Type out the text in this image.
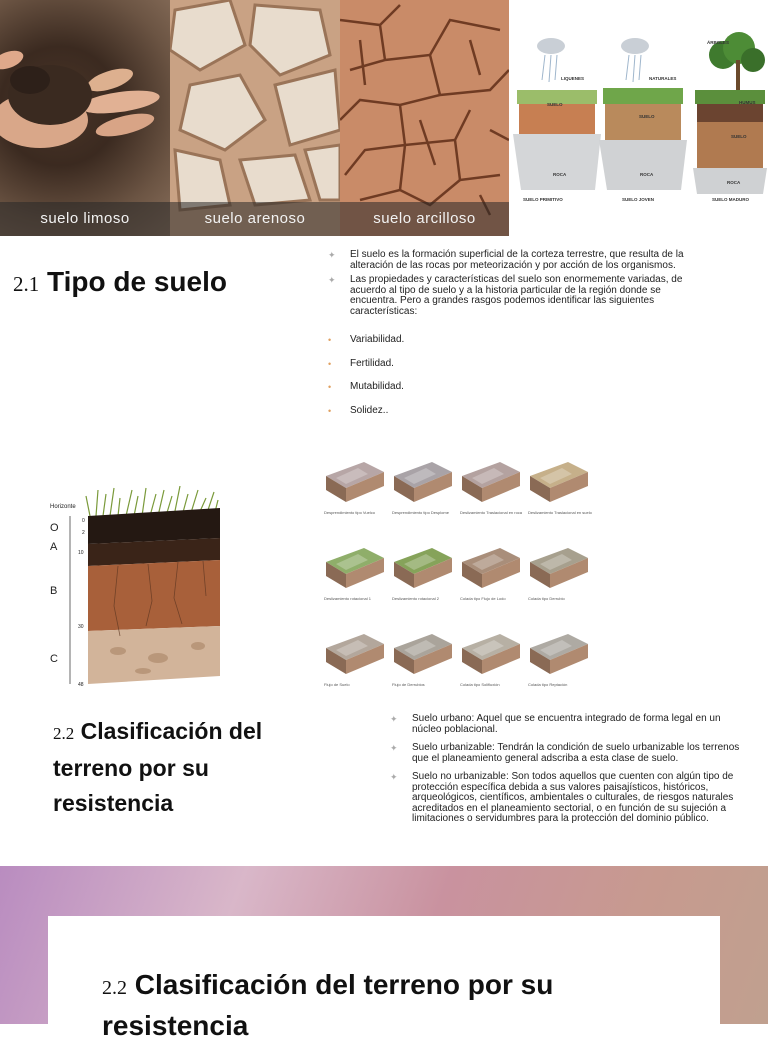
suelo limoso	suelo arenoso	suelo arcilloso
LIQUENES	NATURALES
ÁRBOLES
SUELO	HUMUS
SUELO
SUELO
ROCA	ROCA
ROCA
SUELO PRIMITIVO	SUELO JOVEN	SUELO MADURO
2.1 Tipo de suelo
✦ El suelo es la formación superficial de la corteza terrestre, que resulta de la alteración de las rocas por meteorización y por acción de los organismos.
✦ Las propiedades y características del suelo son enormemente variadas, de acuerdo al tipo de suelo y a la historia particular de la región donde se encuentra. Pero a grandes rasgos podemos identificar las siguientes características:
• Variabilidad.
• Fertilidad.
• Mutabilidad.
• Solidez..
Horizonte
O
A
B
C
0
2
10
30
48
Desprendimiento tipo Vuelco	Desprendimiento tipo Desplome	Deslizamiento Traslacional en roca Deslizamiento Traslacional en suelo
Deslizamiento rotacional 1	Deslizamiento rotacional 2	Colada tipo Flujo de Lodo	Colada tipo Derrubio
Flujo de Suelo	Flujo de Derrubios	Colada tipo Solifluxión	Colada tipo Reptación
2.2 Clasificación del
terreno por su
resistencia
✦ Suelo urbano: Aquel que se encuentra integrado de forma legal en un núcleo poblacional.
✦ Suelo urbanizable: Tendrán la condición de suelo urbanizable los terrenos que el planeamiento general adscriba a esta clase de suelo.
✦ Suelo no urbanizable: Son todos aquellos que cuenten con algún tipo de protección específica debida a sus valores paisajísticos, históricos, arqueológicos, científicos, ambientales o culturales, de riesgos naturales acreditados en el planeamiento sectorial, o en función de su sujeción a limitaciones o servidumbres para la protección del dominio público.
2.2 Clasificación del terreno por su
resistencia
